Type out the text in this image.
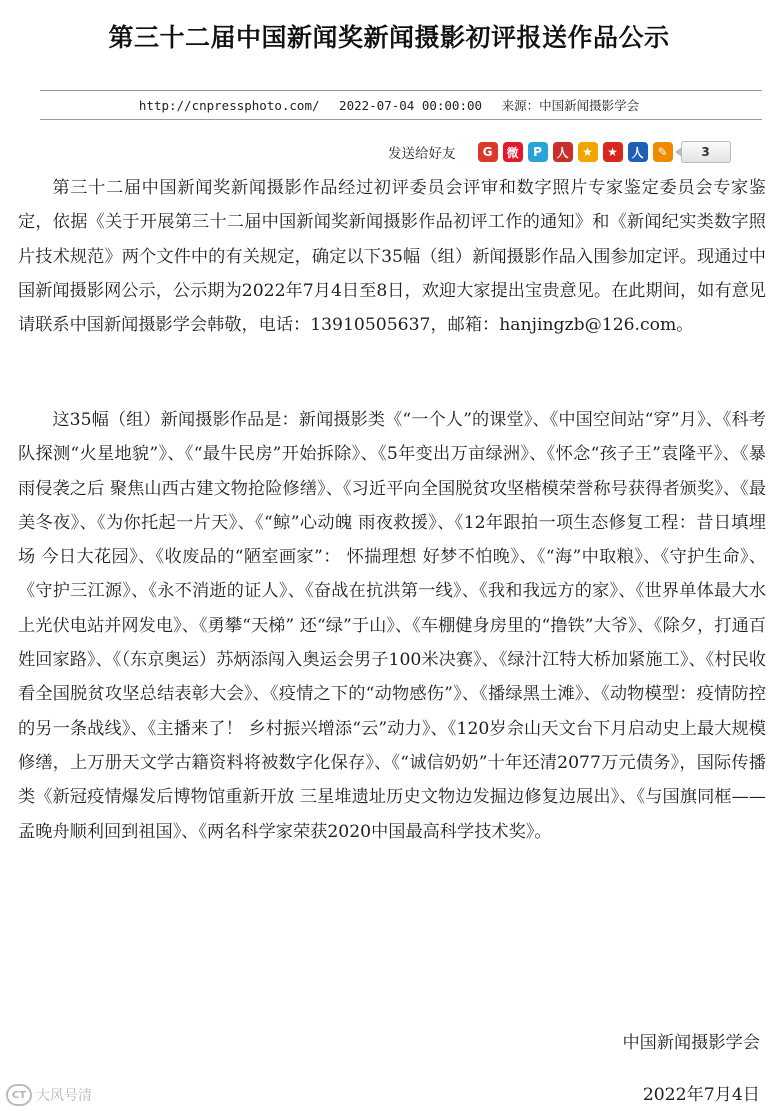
第三十二届中国新闻奖新闻摄影初评报送作品公示
http://cnpressphoto.com/ 2022-07-04 00:00:00 来源：中国新闻摄影学会
发送给好友	G	微	P	人	★	★	人	✎	3

第三十二届中国新闻奖新闻摄影作品经过初评委员会评审和数字照片专家鉴定委员会专家鉴定，依据《关于开展第三十二届中国新闻奖新闻摄影作品初评工作的通知》和《新闻纪实类数字照片技术规范》两个文件中的有关规定，确定以下35幅（组）新闻摄影作品入围参加定评。现通过中国新闻摄影网公示，公示期为2022年7月4日至8日，欢迎大家提出宝贵意见。在此期间，如有意见请联系中国新闻摄影学会韩敬，电话：13910505637，邮箱：hanjingzb@126.com。

这35幅（组）新闻摄影作品是：新闻摄影类《“一个人”的课堂》、《中国空间站“穿”月》、《科考队探测“火星地貌”》、《“最牛民房”开始拆除》、《5年变出万亩绿洲》、《怀念“孩子王”袁隆平》、《暴雨侵袭之后 聚焦山西古建文物抢险修缮》、《习近平向全国脱贫攻坚楷模荣誉称号获得者颁奖》、《最美冬夜》、《为你托起一片天》、《“鲸”心动魄 雨夜救援》、《12年跟拍一项生态修复工程：昔日填埋场 今日大花园》、《收废品的“陋室画家”： 怀揣理想 好梦不怕晚》、《“海”中取粮》、《守护生命》、《守护三江源》、《永不消逝的证人》、《奋战在抗洪第一线》、《我和我远方的家》、《世界单体最大水上光伏电站并网发电》、《勇攀“天梯” 还“绿”于山》、《车棚健身房里的“撸铁”大爷》、《除夕，打通百姓回家路》、《（东京奥运）苏炳添闯入奥运会男子100米决赛》、《绿汁江特大桥加紧施工》、《村民收看全国脱贫攻坚总结表彰大会》、《疫情之下的“动物感伤”》、《播绿黑土滩》、《动物模型：疫情防控的另一条战线》、《主播来了！ 乡村振兴增添“云”动力》、《120岁佘山天文台下月启动史上最大规模修缮，上万册天文学古籍资料将被数字化保存》、《“诚信奶奶”十年还清2077万元债务》，国际传播类《新冠疫情爆发后博物馆重新开放 三星堆遗址历史文物边发掘边修复边展出》、《与国旗同框——孟晚舟顺利回到祖国》、《两名科学家荣获2020中国最高科学技术奖》。

中国新闻摄影学会
2022年7月4日
CT 大风号清
